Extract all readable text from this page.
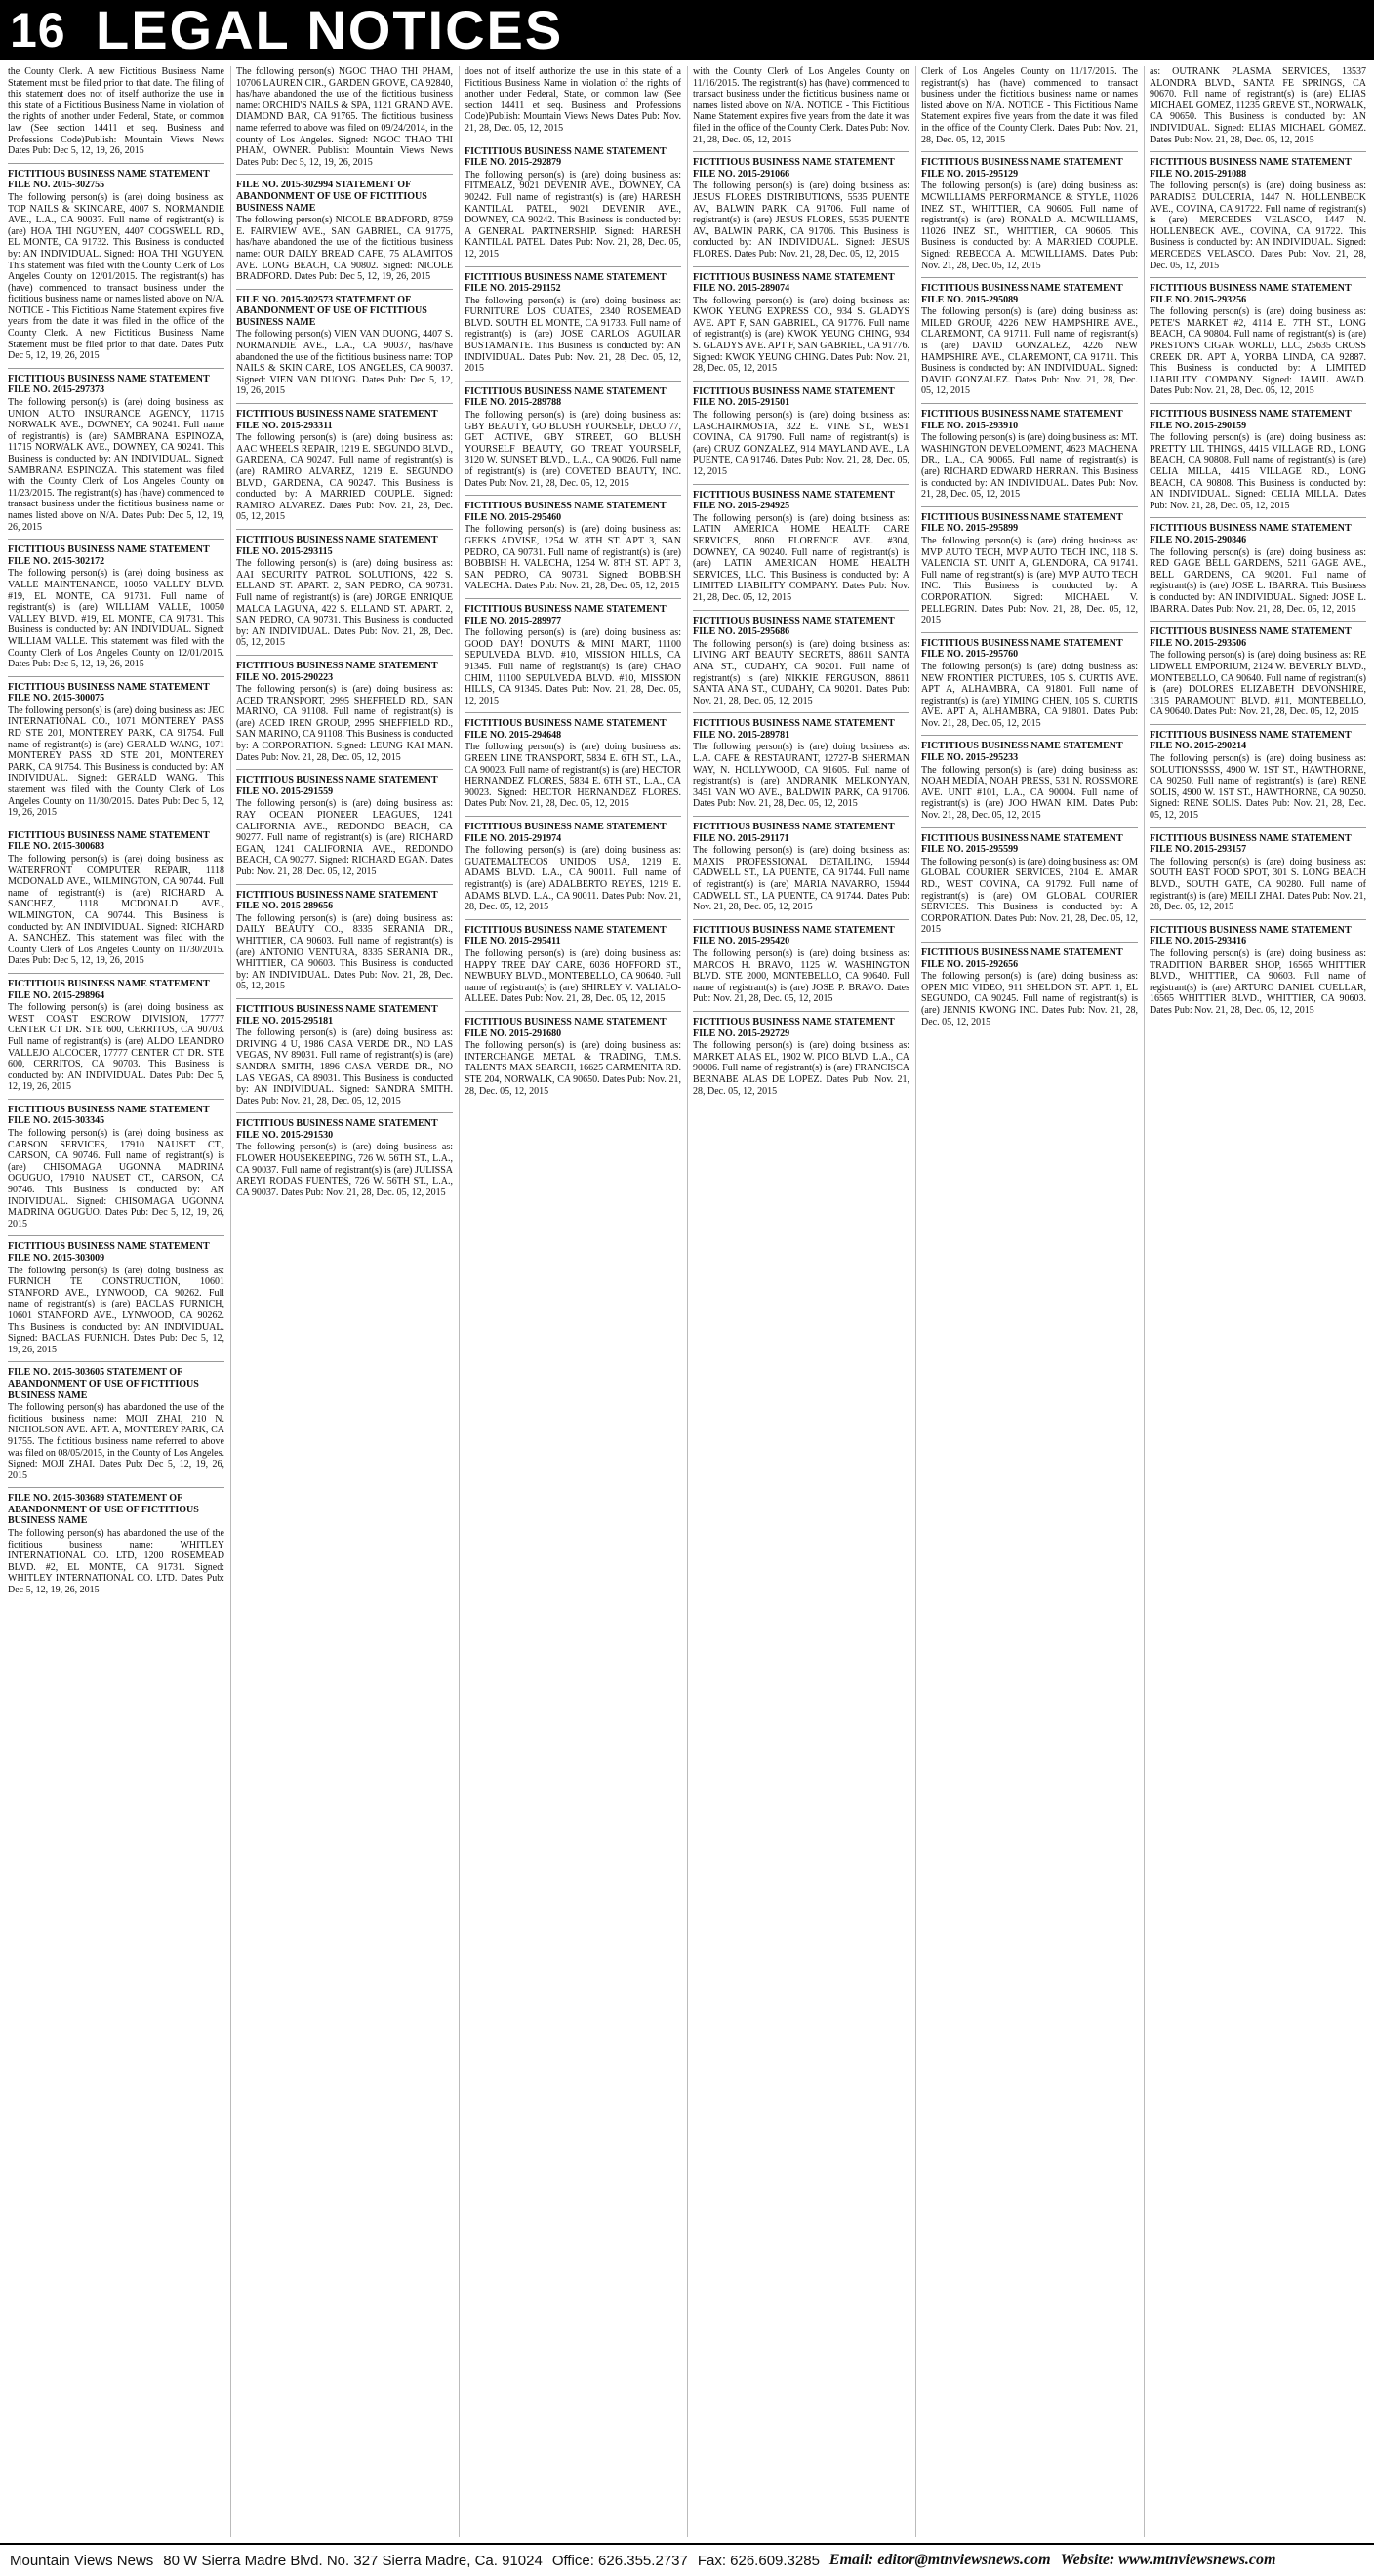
16 LEGAL NOTICES

the County Clerk. A new Fictitious Business Name Statement must be filed prior to that date. The filing of this statement does not of itself authorize the use in this state of a Fictitious Business Name in violation of the rights of another under Federal, State, or common law (See section 14411 et seq. Business and Professions Code)Publish: Mountain Views News Dates Pub: Dec 5, 12, 19, 26, 2015

FICTITIOUS BUSINESS NAME STATEMENT FILE NO. 2015-302755

The following person(s) is (are) doing business as: TOP NAILS & SKINCARE, 4007 S. NORMANDIE AVE., L.A., CA 90037. Full name of registrant(s) is (are) HOA THI NGUYEN, 4407 COGSWELL RD., EL MONTE, CA 91732. This Business is conducted by: AN INDIVIDUAL. Signed: HOA THI NGUYEN. This statement was filed with the County Clerk of Los Angeles County on 12/01/2015. The registrant(s) has (have) commenced to transact business under the fictitious business name or names listed above on N/A. NOTICE - This Fictitious Name Statement expires five years from the date it was filed in the office of the County Clerk. A new Fictitious Business Name Statement must be filed prior to that date. Dates Pub: Dec 5, 12, 19, 26, 2015

FICTITIOUS BUSINESS NAME STATEMENT FILE NO. 2015-297373

The following person(s) is (are) doing business as: UNION AUTO INSURANCE AGENCY, 11715 NORWALK AVE., DOWNEY, CA 90241. Full name of registrant(s) is (are) SAMBRANA ESPINOZA, 11715 NORWALK AVE., DOWNEY, CA 90241. This Business is conducted by: AN INDIVIDUAL. Signed: SAMBRANA ESPINOZA. This statement was filed with the County Clerk of Los Angeles County on 11/23/2015. The registrant(s) has (have) commenced to transact business under the fictitious business name or names listed above on N/A. Dates Pub: Dec 5, 12, 19, 26, 2015

FICTITIOUS BUSINESS NAME STATEMENT FILE NO. 2015-302172

The following person(s) is (are) doing business as: VALLE MAINTENANCE, 10050 VALLEY BLVD. #19, EL MONTE, CA 91731. Full name of registrant(s) is (are) WILLIAM VALLE, 10050 VALLEY BLVD. #19, EL MONTE, CA 91731. This Business is conducted by: AN INDIVIDUAL. Signed: WILLIAM VALLE. This statement was filed with the County Clerk of Los Angeles County on 12/01/2015. Dates Pub: Dec 5, 12, 19, 26, 2015

FICTITIOUS BUSINESS NAME STATEMENT FILE NO. 2015-300075

The following person(s) is (are) doing business as: JEC INTERNATIONAL CO., 1071 MONTEREY PASS RD STE 201, MONTEREY PARK, CA 91754. Full name of registrant(s) is (are) GERALD WANG, 1071 MONTEREY PASS RD STE 201, MONTEREY PARK, CA 91754. This Business is conducted by: AN INDIVIDUAL. Signed: GERALD WANG. This statement was filed with the County Clerk of Los Angeles County on 11/30/2015. Dates Pub: Dec 5, 12, 19, 26, 2015

FICTITIOUS BUSINESS NAME STATEMENT FILE NO. 2015-300683

The following person(s) is (are) doing business as: WATERFRONT COMPUTER REPAIR, 1118 MCDONALD AVE., WILMINGTON, CA 90744. Full name of registrant(s) is (are) RICHARD A. SANCHEZ, 1118 MCDONALD AVE., WILMINGTON, CA 90744. This Business is conducted by: AN INDIVIDUAL. Signed: RICHARD A. SANCHEZ. This statement was filed with the County Clerk of Los Angeles County on 11/30/2015. Dates Pub: Dec 5, 12, 19, 26, 2015

FICTITIOUS BUSINESS NAME STATEMENT FILE NO. 2015-298964

The following person(s) is (are) doing business as: WEST COAST ESCROW DIVISION, 17777 CENTER CT DR. STE 600, CERRITOS, CA 90703. Full name of registrant(s) is (are) ALDO LEANDRO VALLEJO ALCOCER, 17777 CENTER CT DR. STE 600, CERRITOS, CA 90703. This Business is conducted by: AN INDIVIDUAL. Dates Pub: Dec 5, 12, 19, 26, 2015

FICTITIOUS BUSINESS NAME STATEMENT FILE NO. 2015-303345

The following person(s) is (are) doing business as: CARSON SERVICES, 17910 NAUSET CT., CARSON, CA 90746. Full name of registrant(s) is (are) CHISOMAGA UGONNA MADRINA OGUGUO, 17910 NAUSET CT., CARSON, CA 90746. This Business is conducted by: AN INDIVIDUAL. Signed: CHISOMAGA UGONNA MADRINA OGUGUO. Dates Pub: Dec 5, 12, 19, 26, 2015

FICTITIOUS BUSINESS NAME STATEMENT FILE NO. 2015-303009

The following person(s) is (are) doing business as: FURNICH TE CONSTRUCTION, 10601 STANFORD AVE., LYNWOOD, CA 90262. Full name of registrant(s) is (are) BACLAS FURNICH, 10601 STANFORD AVE., LYNWOOD, CA 90262. This Business is conducted by: AN INDIVIDUAL. Signed: BACLAS FURNICH. Dates Pub: Dec 5, 12, 19, 26, 2015

FILE NO. 2015-303605 STATEMENT OF ABANDONMENT OF USE OF FICTITIOUS BUSINESS NAME

The following person(s) has abandoned the use of the fictitious business name: MOJI ZHAI, 210 N. NICHOLSON AVE. APT. A, MONTEREY PARK, CA 91755. The fictitious business name referred to above was filed on 08/05/2015, in the County of Los Angeles. Signed: MOJI ZHAI. Dates Pub: Dec 5, 12, 19, 26, 2015

FILE NO. 2015-303689 STATEMENT OF ABANDONMENT OF USE OF FICTITIOUS BUSINESS NAME

The following person(s) has abandoned the use of the fictitious business name: WHITLEY INTERNATIONAL CO. LTD, 1200 ROSEMEAD BLVD. #2, EL MONTE, CA 91731. Signed: WHITLEY INTERNATIONAL CO. LTD. Dates Pub: Dec 5, 12, 19, 26, 2015

The following person(s) NGOC THAO THI PHAM, 10706 LAUREN CIR., GARDEN GROVE, CA 92840, has/have abandoned the use of the fictitious business name: ORCHID'S NAILS & SPA, 1121 GRAND AVE. DIAMOND BAR, CA 91765. The fictitious business name referred to above was filed on 09/24/2014, in the county of Los Angeles. Signed: NGOC THAO THI PHAM, OWNER. Publish: Mountain Views News Dates Pub: Dec 5, 12, 19, 26, 2015

FILE NO. 2015-302994 STATEMENT OF ABANDONMENT OF USE OF FICTITIOUS BUSINESS NAME

The following person(s) NICOLE BRADFORD, 8759 E. FAIRVIEW AVE., SAN GABRIEL, CA 91775, has/have abandoned the use of the fictitious business name: OUR DAILY BREAD CAFE, 75 ALAMITOS AVE. LONG BEACH, CA 90802. Signed: NICOLE BRADFORD. Dates Pub: Dec 5, 12, 19, 26, 2015

FILE NO. 2015-302573 STATEMENT OF ABANDONMENT OF USE OF FICTITIOUS BUSINESS NAME

The following person(s) VIEN VAN DUONG, 4407 S. NORMANDIE AVE., L.A., CA 90037, has/have abandoned the use of the fictitious business name: TOP NAILS & SKIN CARE, LOS ANGELES, CA 90037. Signed: VIEN VAN DUONG. Dates Pub: Dec 5, 12, 19, 26, 2015

FICTITIOUS BUSINESS NAME STATEMENT FILE NO. 2015-293311

The following person(s) is (are) doing business as: AAC WHEELS REPAIR, 1219 E. SEGUNDO BLVD., GARDENA, CA 90247. Full name of registrant(s) is (are) RAMIRO ALVAREZ, 1219 E. SEGUNDO BLVD., GARDENA, CA 90247. This Business is conducted by: A MARRIED COUPLE. Signed: RAMIRO ALVAREZ. Dates Pub: Nov. 21, 28, Dec. 05, 12, 2015

FICTITIOUS BUSINESS NAME STATEMENT FILE NO. 2015-293115

The following person(s) is (are) doing business as: AAI SECURITY PATROL SOLUTIONS, 422 S. ELLAND ST. APART. 2, SAN PEDRO, CA 90731. Full name of registrant(s) is (are) JORGE ENRIQUE MALCA LAGUNA, 422 S. ELLAND ST. APART. 2, SAN PEDRO, CA 90731. This Business is conducted by: AN INDIVIDUAL. Dates Pub: Nov. 21, 28, Dec. 05, 12, 2015

FICTITIOUS BUSINESS NAME STATEMENT FILE NO. 2015-290223

The following person(s) is (are) doing business as: ACED TRANSPORT, 2995 SHEFFIELD RD., SAN MARINO, CA 91108. Full name of registrant(s) is (are) ACED IREN GROUP, 2995 SHEFFIELD RD., SAN MARINO, CA 91108. This Business is conducted by: A CORPORATION. Signed: LEUNG KAI MAN. Dates Pub: Nov. 21, 28, Dec. 05, 12, 2015

FICTITIOUS BUSINESS NAME STATEMENT FILE NO. 2015-291559

The following person(s) is (are) doing business as: RAY OCEAN PIONEER LEAGUES, 1241 CALIFORNIA AVE., REDONDO BEACH, CA 90277. Full name of registrant(s) is (are) RICHARD EGAN, 1241 CALIFORNIA AVE., REDONDO BEACH, CA 90277. Signed: RICHARD EGAN. Dates Pub: Nov. 21, 28, Dec. 05, 12, 2015

FICTITIOUS BUSINESS NAME STATEMENT FILE NO. 2015-289656

The following person(s) is (are) doing business as: DAILY BEAUTY CO., 8335 SERANIA DR., WHITTIER, CA 90603. Full name of registrant(s) is (are) ANTONIO VENTURA, 8335 SERANIA DR., WHITTIER, CA 90603. This Business is conducted by: AN INDIVIDUAL. Dates Pub: Nov. 21, 28, Dec. 05, 12, 2015

FICTITIOUS BUSINESS NAME STATEMENT FILE NO. 2015-295181

The following person(s) is (are) doing business as: DRIVING 4 U, 1986 CASA VERDE DR., NO LAS VEGAS, NV 89031. Full name of registrant(s) is (are) SANDRA SMITH, 1896 CASA VERDE DR., NO LAS VEGAS, CA 89031. This Business is conducted by: AN INDIVIDUAL. Signed: SANDRA SMITH. Dates Pub: Nov. 21, 28, Dec. 05, 12, 2015

FICTITIOUS BUSINESS NAME STATEMENT FILE NO. 2015-291530

The following person(s) is (are) doing business as: FLOWER HOUSEKEEPING, 726 W. 56TH ST., L.A., CA 90037. Full name of registrant(s) is (are) JULISSA AREYI RODAS FUENTES, 726 W. 56TH ST., L.A., CA 90037. Dates Pub: Nov. 21, 28, Dec. 05, 12, 2015

does not of itself authorize the use in this state of a Fictitious Business Name in violation of the rights of another under Federal, State, or common law (See section 14411 et seq. Business and Professions Code)Publish: Mountain Views News Dates Pub: Nov. 21, 28, Dec. 05, 12, 2015

FICTITIOUS BUSINESS NAME STATEMENT FILE NO. 2015-292879

The following person(s) is (are) doing business as: FITMEALZ, 9021 DEVENIR AVE., DOWNEY, CA 90242. Full name of registrant(s) is (are) HARESH KANTILAL PATEL, 9021 DEVENIR AVE., DOWNEY, CA 90242. This Business is conducted by: A GENERAL PARTNERSHIP. Signed: HARESH KANTILAL PATEL. Dates Pub: Nov. 21, 28, Dec. 05, 12, 2015

FICTITIOUS BUSINESS NAME STATEMENT FILE NO. 2015-291152

The following person(s) is (are) doing business as: FURNITURE LOS CUATES, 2340 ROSEMEAD BLVD. SOUTH EL MONTE, CA 91733. Full name of registrant(s) is (are) JOSE CARLOS AGUILAR BUSTAMANTE. This Business is conducted by: AN INDIVIDUAL. Dates Pub: Nov. 21, 28, Dec. 05, 12, 2015

FICTITIOUS BUSINESS NAME STATEMENT FILE NO. 2015-289788

The following person(s) is (are) doing business as: GBY BEAUTY, GO BLUSH YOURSELF, DECO 77, GET ACTIVE, GBY STREET, GO BLUSH YOURSELF BEAUTY, GO TREAT YOURSELF, 3120 W. SUNSET BLVD., L.A., CA 90026. Full name of registrant(s) is (are) COVETED BEAUTY, INC. Dates Pub: Nov. 21, 28, Dec. 05, 12, 2015

FICTITIOUS BUSINESS NAME STATEMENT FILE NO. 2015-295460

The following person(s) is (are) doing business as: GEEKS ADVISE, 1254 W. 8TH ST. APT 3, SAN PEDRO, CA 90731. Full name of registrant(s) is (are) BOBBISH H. VALECHA, 1254 W. 8TH ST. APT 3, SAN PEDRO, CA 90731. Signed: BOBBISH VALECHA. Dates Pub: Nov. 21, 28, Dec. 05, 12, 2015

FICTITIOUS BUSINESS NAME STATEMENT FILE NO. 2015-289977

The following person(s) is (are) doing business as: GOOD DAY! DONUTS & MINI MART, 11100 SEPULVEDA BLVD. #10, MISSION HILLS, CA 91345. Full name of registrant(s) is (are) CHAO CHIM, 11100 SEPULVEDA BLVD. #10, MISSION HILLS, CA 91345. Dates Pub: Nov. 21, 28, Dec. 05, 12, 2015

FICTITIOUS BUSINESS NAME STATEMENT FILE NO. 2015-294648

The following person(s) is (are) doing business as: GREEN LINE TRANSPORT, 5834 E. 6TH ST., L.A., CA 90023. Full name of registrant(s) is (are) HECTOR HERNANDEZ FLORES, 5834 E. 6TH ST., L.A., CA 90023. Signed: HECTOR HERNANDEZ FLORES. Dates Pub: Nov. 21, 28, Dec. 05, 12, 2015

FICTITIOUS BUSINESS NAME STATEMENT FILE NO. 2015-291974

The following person(s) is (are) doing business as: GUATEMALTECOS UNIDOS USA, 1219 E. ADAMS BLVD. L.A., CA 90011. Full name of registrant(s) is (are) ADALBERTO REYES, 1219 E. ADAMS BLVD. L.A., CA 90011. Dates Pub: Nov. 21, 28, Dec. 05, 12, 2015

FICTITIOUS BUSINESS NAME STATEMENT FILE NO. 2015-295411

The following person(s) is (are) doing business as: HAPPY TREE DAY CARE, 6036 HOFFORD ST., NEWBURY BLVD., MONTEBELLO, CA 90640. Full name of registrant(s) is (are) SHIRLEY V. VALIALO-ALLEE. Dates Pub: Nov. 21, 28, Dec. 05, 12, 2015

FICTITIOUS BUSINESS NAME STATEMENT FILE NO. 2015-291680

The following person(s) is (are) doing business as: INTERCHANGE METAL & TRADING, T.M.S. TALENTS MAX SEARCH, 16625 CARMENITA RD. STE 204, NORWALK, CA 90650. Dates Pub: Nov. 21, 28, Dec. 05, 12, 2015

with the County Clerk of Los Angeles County on 11/16/2015. The registrant(s) has (have) commenced to transact business under the fictitious business name or names listed above on N/A. NOTICE - This Fictitious Name Statement expires five years from the date it was filed in the office of the County Clerk. Dates Pub: Nov. 21, 28, Dec. 05, 12, 2015

FICTITIOUS BUSINESS NAME STATEMENT FILE NO. 2015-291066

The following person(s) is (are) doing business as: JESUS FLORES DISTRIBUTIONS, 5535 PUENTE AV., BALWIN PARK, CA 91706. Full name of registrant(s) is (are) JESUS FLORES, 5535 PUENTE AV., BALWIN PARK, CA 91706. This Business is conducted by: AN INDIVIDUAL. Signed: JESUS FLORES. Dates Pub: Nov. 21, 28, Dec. 05, 12, 2015

FICTITIOUS BUSINESS NAME STATEMENT FILE NO. 2015-289074

The following person(s) is (are) doing business as: KWOK YEUNG EXPRESS CO., 934 S. GLADYS AVE. APT F, SAN GABRIEL, CA 91776. Full name of registrant(s) is (are) KWOK YEUNG CHING, 934 S. GLADYS AVE. APT F, SAN GABRIEL, CA 91776. Signed: KWOK YEUNG CHING. Dates Pub: Nov. 21, 28, Dec. 05, 12, 2015

FICTITIOUS BUSINESS NAME STATEMENT FILE NO. 2015-291501

The following person(s) is (are) doing business as: LASCHAIRMOSTA, 322 E. VINE ST., WEST COVINA, CA 91790. Full name of registrant(s) is (are) CRUZ GONZALEZ, 914 MAYLAND AVE., LA PUENTE, CA 91746. Dates Pub: Nov. 21, 28, Dec. 05, 12, 2015

FICTITIOUS BUSINESS NAME STATEMENT FILE NO. 2015-294925

The following person(s) is (are) doing business as: LATIN AMERICA HOME HEALTH CARE SERVICES, 8060 FLORENCE AVE. #304, DOWNEY, CA 90240. Full name of registrant(s) is (are) LATIN AMERICAN HOME HEALTH SERVICES, LLC. This Business is conducted by: A LIMITED LIABILITY COMPANY. Dates Pub: Nov. 21, 28, Dec. 05, 12, 2015

FICTITIOUS BUSINESS NAME STATEMENT FILE NO. 2015-295686

The following person(s) is (are) doing business as: LIVING ART BEAUTY SECRETS, 88611 SANTA ANA ST., CUDAHY, CA 90201. Full name of registrant(s) is (are) NIKKIE FERGUSON, 88611 SANTA ANA ST., CUDAHY, CA 90201. Dates Pub: Nov. 21, 28, Dec. 05, 12, 2015

FICTITIOUS BUSINESS NAME STATEMENT FILE NO. 2015-289781

The following person(s) is (are) doing business as: L.A. CAFE & RESTAURANT, 12727-B SHERMAN WAY, N. HOLLYWOOD, CA 91605. Full name of registrant(s) is (are) ANDRANIK MELKONYAN, 3451 VAN WO AVE., BALDWIN PARK, CA 91706. Dates Pub: Nov. 21, 28, Dec. 05, 12, 2015

FICTITIOUS BUSINESS NAME STATEMENT FILE NO. 2015-291171

The following person(s) is (are) doing business as: MAXIS PROFESSIONAL DETAILING, 15944 CADWELL ST., LA PUENTE, CA 91744. Full name of registrant(s) is (are) MARIA NAVARRO, 15944 CADWELL ST., LA PUENTE, CA 91744. Dates Pub: Nov. 21, 28, Dec. 05, 12, 2015

FICTITIOUS BUSINESS NAME STATEMENT FILE NO. 2015-295420

The following person(s) is (are) doing business as: MARCOS H. BRAVO, 1125 W. WASHINGTON BLVD. STE 2000, MONTEBELLO, CA 90640. Full name of registrant(s) is (are) JOSE P. BRAVO. Dates Pub: Nov. 21, 28, Dec. 05, 12, 2015

FICTITIOUS BUSINESS NAME STATEMENT FILE NO. 2015-292729

The following person(s) is (are) doing business as: MARKET ALAS EL, 1902 W. PICO BLVD. L.A., CA 90006. Full name of registrant(s) is (are) FRANCISCA BERNABE ALAS DE LOPEZ. Dates Pub: Nov. 21, 28, Dec. 05, 12, 2015

Clerk of Los Angeles County on 11/17/2015. The registrant(s) has (have) commenced to transact business under the fictitious business name or names listed above on N/A. NOTICE - This Fictitious Name Statement expires five years from the date it was filed in the office of the County Clerk. Dates Pub: Nov. 21, 28, Dec. 05, 12, 2015

FICTITIOUS BUSINESS NAME STATEMENT FILE NO. 2015-295129

The following person(s) is (are) doing business as: MCWILLIAMS PERFORMANCE & STYLE, 11026 INEZ ST., WHITTIER, CA 90605. Full name of registrant(s) is (are) RONALD A. MCWILLIAMS, 11026 INEZ ST., WHITTIER, CA 90605. This Business is conducted by: A MARRIED COUPLE. Signed: REBECCA A. MCWILLIAMS. Dates Pub: Nov. 21, 28, Dec. 05, 12, 2015

FICTITIOUS BUSINESS NAME STATEMENT FILE NO. 2015-295089

The following person(s) is (are) doing business as: MILED GROUP, 4226 NEW HAMPSHIRE AVE., CLAREMONT, CA 91711. Full name of registrant(s) is (are) DAVID GONZALEZ, 4226 NEW HAMPSHIRE AVE., CLAREMONT, CA 91711. This Business is conducted by: AN INDIVIDUAL. Signed: DAVID GONZALEZ. Dates Pub: Nov. 21, 28, Dec. 05, 12, 2015

FICTITIOUS BUSINESS NAME STATEMENT FILE NO. 2015-293910

The following person(s) is (are) doing business as: MT. WASHINGTON DEVELOPMENT, 4623 MACHENA DR., L.A., CA 90065. Full name of registrant(s) is (are) RICHARD EDWARD HERRAN. This Business is conducted by: AN INDIVIDUAL. Dates Pub: Nov. 21, 28, Dec. 05, 12, 2015

FICTITIOUS BUSINESS NAME STATEMENT FILE NO. 2015-295899

The following person(s) is (are) doing business as: MVP AUTO TECH, MVP AUTO TECH INC, 118 S. VALENCIA ST. UNIT A, GLENDORA, CA 91741. Full name of registrant(s) is (are) MVP AUTO TECH INC. This Business is conducted by: A CORPORATION. Signed: MICHAEL V. PELLEGRIN. Dates Pub: Nov. 21, 28, Dec. 05, 12, 2015

FICTITIOUS BUSINESS NAME STATEMENT FILE NO. 2015-295760

The following person(s) is (are) doing business as: NEW FRONTIER PICTURES, 105 S. CURTIS AVE. APT A, ALHAMBRA, CA 91801. Full name of registrant(s) is (are) YIMING CHEN, 105 S. CURTIS AVE. APT A, ALHAMBRA, CA 91801. Dates Pub: Nov. 21, 28, Dec. 05, 12, 2015

FICTITIOUS BUSINESS NAME STATEMENT FILE NO. 2015-295233

The following person(s) is (are) doing business as: NOAH MEDIA, NOAH PRESS, 531 N. ROSSMORE AVE. UNIT #101, L.A., CA 90004. Full name of registrant(s) is (are) JOO HWAN KIM. Dates Pub: Nov. 21, 28, Dec. 05, 12, 2015

FICTITIOUS BUSINESS NAME STATEMENT FILE NO. 2015-295599

The following person(s) is (are) doing business as: OM GLOBAL COURIER SERVICES, 2104 E. AMAR RD., WEST COVINA, CA 91792. Full name of registrant(s) is (are) OM GLOBAL COURIER SERVICES. This Business is conducted by: A CORPORATION. Dates Pub: Nov. 21, 28, Dec. 05, 12, 2015

FICTITIOUS BUSINESS NAME STATEMENT FILE NO. 2015-292656

The following person(s) is (are) doing business as: OPEN MIC VIDEO, 911 SHELDON ST. APT. 1, EL SEGUNDO, CA 90245. Full name of registrant(s) is (are) JENNIS KWONG INC. Dates Pub: Nov. 21, 28, Dec. 05, 12, 2015

as: OUTRANK PLASMA SERVICES, 13537 ALONDRA BLVD., SANTA FE SPRINGS, CA 90670. Full name of registrant(s) is (are) ELIAS MICHAEL GOMEZ, 11235 GREVE ST., NORWALK, CA 90650. This Business is conducted by: AN INDIVIDUAL. Signed: ELIAS MICHAEL GOMEZ. Dates Pub: Nov. 21, 28, Dec. 05, 12, 2015

FICTITIOUS BUSINESS NAME STATEMENT FILE NO. 2015-291088

The following person(s) is (are) doing business as: PARADISE DULCERIA, 1447 N. HOLLENBECK AVE., COVINA, CA 91722. Full name of registrant(s) is (are) MERCEDES VELASCO, 1447 N. HOLLENBECK AVE., COVINA, CA 91722. This Business is conducted by: AN INDIVIDUAL. Signed: MERCEDES VELASCO. Dates Pub: Nov. 21, 28, Dec. 05, 12, 2015

FICTITIOUS BUSINESS NAME STATEMENT FILE NO. 2015-293256

The following person(s) is (are) doing business as: PETE'S MARKET #2, 4114 E. 7TH ST., LONG BEACH, CA 90804. Full name of registrant(s) is (are) PRESTON'S CIGAR WORLD, LLC, 25635 CROSS CREEK DR. APT A, YORBA LINDA, CA 92887. This Business is conducted by: A LIMITED LIABILITY COMPANY. Signed: JAMIL AWAD. Dates Pub: Nov. 21, 28, Dec. 05, 12, 2015

FICTITIOUS BUSINESS NAME STATEMENT FILE NO. 2015-290159

The following person(s) is (are) doing business as: PRETTY LIL THINGS, 4415 VILLAGE RD., LONG BEACH, CA 90808. Full name of registrant(s) is (are) CELIA MILLA, 4415 VILLAGE RD., LONG BEACH, CA 90808. This Business is conducted by: AN INDIVIDUAL. Signed: CELIA MILLA. Dates Pub: Nov. 21, 28, Dec. 05, 12, 2015

FICTITIOUS BUSINESS NAME STATEMENT FILE NO. 2015-290846

The following person(s) is (are) doing business as: RED GAGE BELL GARDENS, 5211 GAGE AVE., BELL GARDENS, CA 90201. Full name of registrant(s) is (are) JOSE L. IBARRA. This Business is conducted by: AN INDIVIDUAL. Signed: JOSE L. IBARRA. Dates Pub: Nov. 21, 28, Dec. 05, 12, 2015

FICTITIOUS BUSINESS NAME STATEMENT FILE NO. 2015-293506

The following person(s) is (are) doing business as: RE LIDWELL EMPORIUM, 2124 W. BEVERLY BLVD., MONTEBELLO, CA 90640. Full name of registrant(s) is (are) DOLORES ELIZABETH DEVONSHIRE, 1315 PARAMOUNT BLVD. #11, MONTEBELLO, CA 90640. Dates Pub: Nov. 21, 28, Dec. 05, 12, 2015

FICTITIOUS BUSINESS NAME STATEMENT FILE NO. 2015-290214

The following person(s) is (are) doing business as: SOLUTIONSSSS, 4900 W. 1ST ST., HAWTHORNE, CA 90250. Full name of registrant(s) is (are) RENE SOLIS, 4900 W. 1ST ST., HAWTHORNE, CA 90250. Signed: RENE SOLIS. Dates Pub: Nov. 21, 28, Dec. 05, 12, 2015

FICTITIOUS BUSINESS NAME STATEMENT FILE NO. 2015-293157

The following person(s) is (are) doing business as: SOUTH EAST FOOD SPOT, 301 S. LONG BEACH BLVD., SOUTH GATE, CA 90280. Full name of registrant(s) is (are) MEILI ZHAI. Dates Pub: Nov. 21, 28, Dec. 05, 12, 2015

FICTITIOUS BUSINESS NAME STATEMENT FILE NO. 2015-293416

The following person(s) is (are) doing business as: TRADITION BARBER SHOP, 16565 WHITTIER BLVD., WHITTIER, CA 90603. Full name of registrant(s) is (are) ARTURO DANIEL CUELLAR, 16565 WHITTIER BLVD., WHITTIER, CA 90603. Dates Pub: Nov. 21, 28, Dec. 05, 12, 2015

Mountain Views News 80 W Sierra Madre Blvd. No. 327 Sierra Madre, Ca. 91024 Office: 626.355.2737 Fax: 626.609.3285 Email: editor@mtnviewsnews.com Website: www.mtnviewsnews.com
